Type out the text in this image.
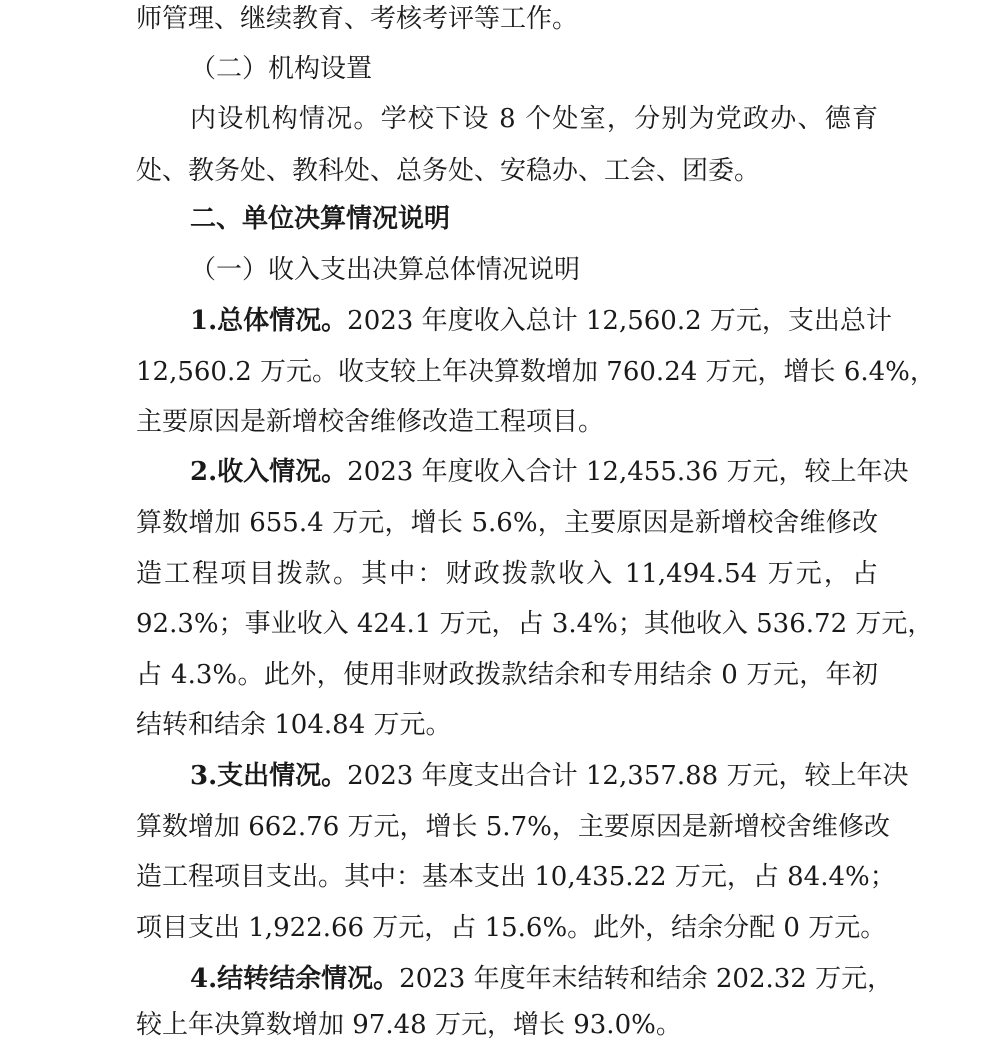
师管理、继续教育、考核考评等工作。
（二）机构设置
内设机构情况。学校下设 8 个处室，分别为党政办、德育
处、教务处、教科处、总务处、安稳办、工会、团委。
二、单位决算情况说明
（一）收入支出决算总体情况说明
1.总体情况。2023 年度收入总计 12,560.2 万元，支出总计
12,560.2 万元。收支较上年决算数增加 760.24 万元，增长 6.4%，
主要原因是新增校舍维修改造工程项目。
2.收入情况。2023 年度收入合计 12,455.36 万元，较上年决
算数增加 655.4 万元，增长 5.6%，主要原因是新增校舍维修改
造工程项目拨款。其中：财政拨款收入 11,494.54 万元，占
92.3%；事业收入 424.1 万元，占 3.4%；其他收入 536.72 万元，
占 4.3%。此外，使用非财政拨款结余和专用结余 0 万元，年初
结转和结余 104.84 万元。
3.支出情况。2023 年度支出合计 12,357.88 万元，较上年决
算数增加 662.76 万元，增长 5.7%，主要原因是新增校舍维修改
造工程项目支出。其中：基本支出 10,435.22 万元，占 84.4%；
项目支出 1,922.66 万元，占 15.6%。此外，结余分配 0 万元。
4.结转结余情况。2023 年度年末结转和结余 202.32 万元，
较上年决算数增加 97.48 万元，增长 93.0%。
